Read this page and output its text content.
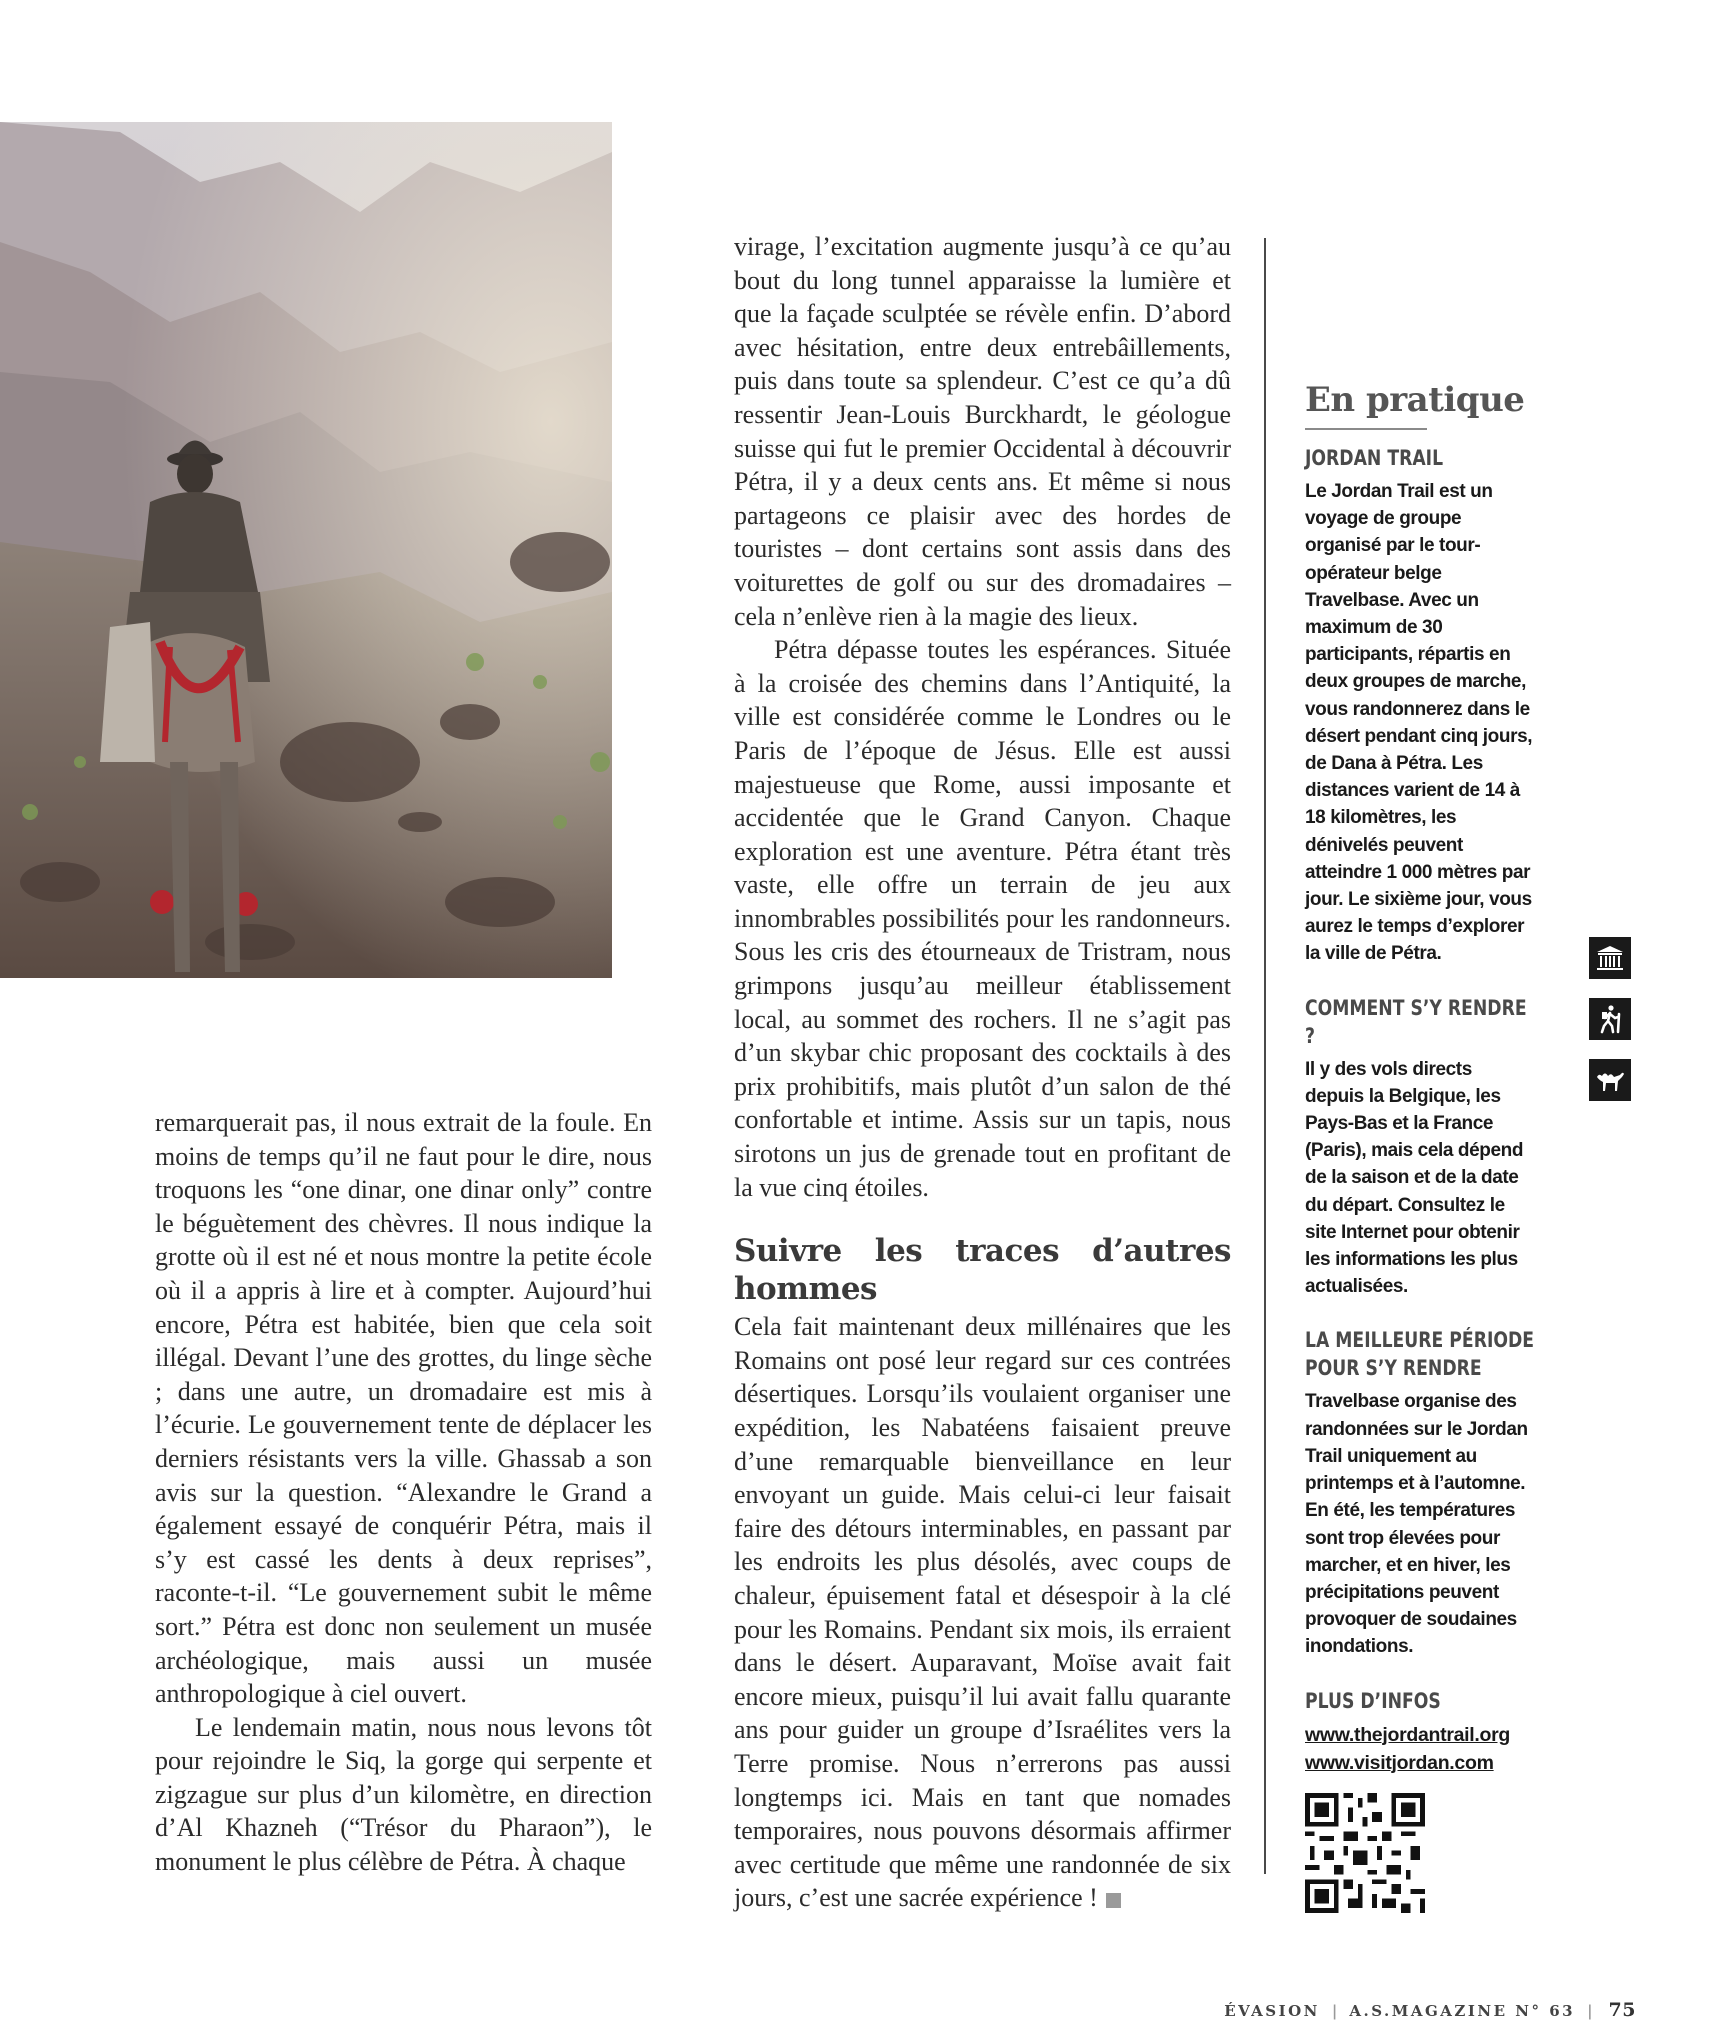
remarquerait pas, il nous extrait de la foule. En moins de temps qu’il ne faut pour le dire, nous troquons les “one dinar, one dinar only” contre le béguètement des chèvres. Il nous indique la grotte où il est né et nous montre la petite école où il a appris à lire et à compter. Aujourd’hui encore, Pétra est habitée, bien que cela soit illégal. Devant l’une des grottes, du linge sèche ; dans une autre, un dromadaire est mis à l’écurie. Le gouvernement tente de déplacer les derniers résistants vers la ville. Ghassab a son avis sur la question. “Alexandre le Grand a également essayé de conquérir Pétra, mais il s’y est cassé les dents à deux reprises”, raconte-t-il. “Le gouvernement subit le même sort.” Pétra est donc non seulement un musée archéologique, mais aussi un musée anthropologique à ciel ouvert.

Le lendemain matin, nous nous levons tôt pour rejoindre le Siq, la gorge qui serpente et zigzague sur plus d’un kilomètre, en direction d’Al Khazneh (“Trésor du Pharaon”), le monument le plus célèbre de Pétra. À chaque

virage, l’excitation augmente jusqu’à ce qu’au bout du long tunnel apparaisse la lumière et que la façade sculptée se révèle enfin. D’abord avec hésitation, entre deux entrebâillements, puis dans toute sa splendeur. C’est ce qu’a dû ressentir Jean-Louis Burckhardt, le géologue suisse qui fut le premier Occidental à découvrir Pétra, il y a deux cents ans. Et même si nous partageons ce plaisir avec des hordes de touristes – dont certains sont assis dans des voiturettes de golf ou sur des dromadaires – cela n’enlève rien à la magie des lieux.

Pétra dépasse toutes les espérances. Située à la croisée des chemins dans l’Antiquité, la ville est considérée comme le Londres ou le Paris de l’époque de Jésus. Elle est aussi majestueuse que Rome, aussi imposante et accidentée que le Grand Canyon. Chaque exploration est une aventure. Pétra étant très vaste, elle offre un terrain de jeu aux innombrables possibilités pour les randonneurs. Sous les cris des étourneaux de Tristram, nous grimpons jusqu’au meilleur établissement local, au sommet des rochers. Il ne s’agit pas d’un skybar chic proposant des cocktails à des prix prohibitifs, mais plutôt d’un salon de thé confortable et intime. Assis sur un tapis, nous sirotons un jus de grenade tout en profitant de la vue cinq étoiles.

Suivre les traces d’autres hommes

Cela fait maintenant deux millénaires que les Romains ont posé leur regard sur ces contrées désertiques. Lorsqu’ils voulaient organiser une expédition, les Nabatéens faisaient preuve d’une remarquable bienveillance en leur envoyant un guide. Mais celui-ci leur faisait faire des détours interminables, en passant par les endroits les plus désolés, avec coups de chaleur, épuisement fatal et désespoir à la clé pour les Romains. Pendant six mois, ils erraient dans le désert. Auparavant, Moïse avait fait encore mieux, puisqu’il lui avait fallu quarante ans pour guider un groupe d’Israélites vers la Terre promise. Nous n’errerons pas aussi longtemps ici. Mais en tant que nomades temporaires, nous pouvons désormais affirmer avec certitude que même une randonnée de six jours, c’est une sacrée expérience !

En pratique
JORDAN TRAIL

Le Jordan Trail est un voyage de groupe organisé par le tour-opérateur belge Travelbase. Avec un maximum de 30 participants, répartis en deux groupes de marche, vous randonnerez dans le désert pendant cinq jours, de Dana à Pétra. Les distances varient de 14 à 18 kilomètres, les dénivelés peuvent atteindre 1 000 mètres par jour. Le sixième jour, vous aurez le temps d’explorer la ville de Pétra.

COMMENT S’Y RENDRE ?

Il y des vols directs depuis la Belgique, les Pays-Bas et la France (Paris), mais cela dépend de la saison et de la date du départ. Consultez le site Internet pour obtenir les informations les plus actualisées.

LA MEILLEURE PÉRIODE POUR S’Y RENDRE

Travelbase organise des randonnées sur le Jordan Trail uniquement au printemps et à l’automne. En été, les températures sont trop élevées pour marcher, et en hiver, les précipitations peuvent provoquer de soudaines inondations.

PLUS D’INFOS
www.thejordantrail.org
www.visitjordan.com
ÉVASION | A.S.MAGAZINE N° 63 | 75
